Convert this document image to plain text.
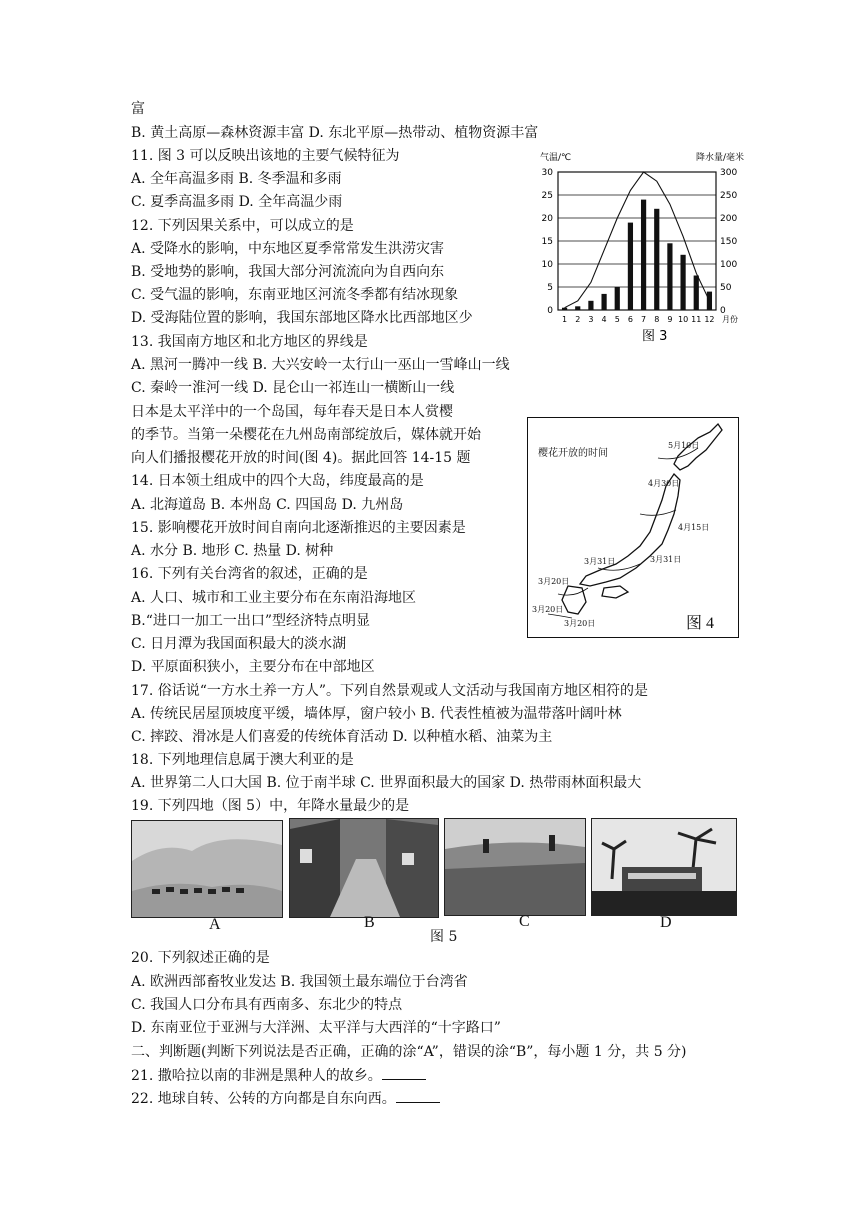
富
B. 黄土高原—森林资源丰富 D. 东北平原—热带动、植物资源丰富
11. 图 3 可以反映出该地的主要气候特征为
A. 全年高温多雨 B. 冬季温和多雨
C. 夏季高温多雨 D. 全年高温少雨
12. 下列因果关系中，可以成立的是
A. 受降水的影响，中东地区夏季常常发生洪涝灾害
B. 受地势的影响，我国大部分河流流向为自西向东
C. 受气温的影响，东南亚地区河流冬季都有结冰现象
D. 受海陆位置的影响，我国东部地区降水比西部地区少
13. 我国南方地区和北方地区的界线是
A. 黑河一腾冲一线 B. 大兴安岭一太行山一巫山一雪峰山一线
C. 秦岭一淮河一线 D. 昆仑山一祁连山一横断山一线
日本是太平洋中的一个岛国，每年春天是日本人赏樱
的季节。当第一朵樱花在九州岛南部绽放后，媒体就开始
向人们播报樱花开放的时间(图 4)。据此回答 14-15 题
14. 日本领土组成中的四个大岛，纬度最高的是
A. 北海道岛 B. 本州岛 C. 四国岛 D. 九州岛
15. 影响樱花开放时间自南向北逐渐推迟的主要因素是
A. 水分 B. 地形 C. 热量 D. 树种
16. 下列有关台湾省的叙述，正确的是
A. 人口、城市和工业主要分布在东南沿海地区
B.“进口一加工一出口”型经济特点明显
C. 日月潭为我国面积最大的淡水湖
D. 平原面积狭小，主要分布在中部地区
17. 俗话说“一方水土养一方人”。下列自然景观或人文活动与我国南方地区相符的是
A. 传统民居屋顶坡度平缓，墙体厚，窗户较小 B. 代表性植被为温带落叶阔叶林
C. 摔跤、滑冰是人们喜爱的传统体育活动 D. 以种植水稻、油菜为主
18. 下列地理信息属于澳大利亚的是
A. 世界第二人口大国 B. 位于南半球 C. 世界面积最大的国家 D. 热带雨林面积最大
19. 下列四地（图 5）中，年降水量最少的是
0	0
5	50
10	100
15	150
20	200
25	250
30	300
1 2 3 4 5 6 7 8 9 10 11 12
气温/℃	降水量/毫米
月份
图 3
樱花开放的时间
5月10日
4月30日
4月15日
3月31日	3月31日
3月20日
3月20日
3月20日	图 4
A	B	C	D
图 5
20. 下列叙述正确的是
A. 欧洲西部畜牧业发达 B. 我国领土最东端位于台湾省
C. 我国人口分布具有西南多、东北少的特点
D. 东南亚位于亚洲与大洋洲、太平洋与大西洋的“十字路口”
二、判断题(判断下列说法是否正确，正确的涂“A”，错误的涂“B”，每小题 1 分，共 5 分)
21. 撒哈拉以南的非洲是黑种人的故乡。
22. 地球自转、公转的方向都是自东向西。
